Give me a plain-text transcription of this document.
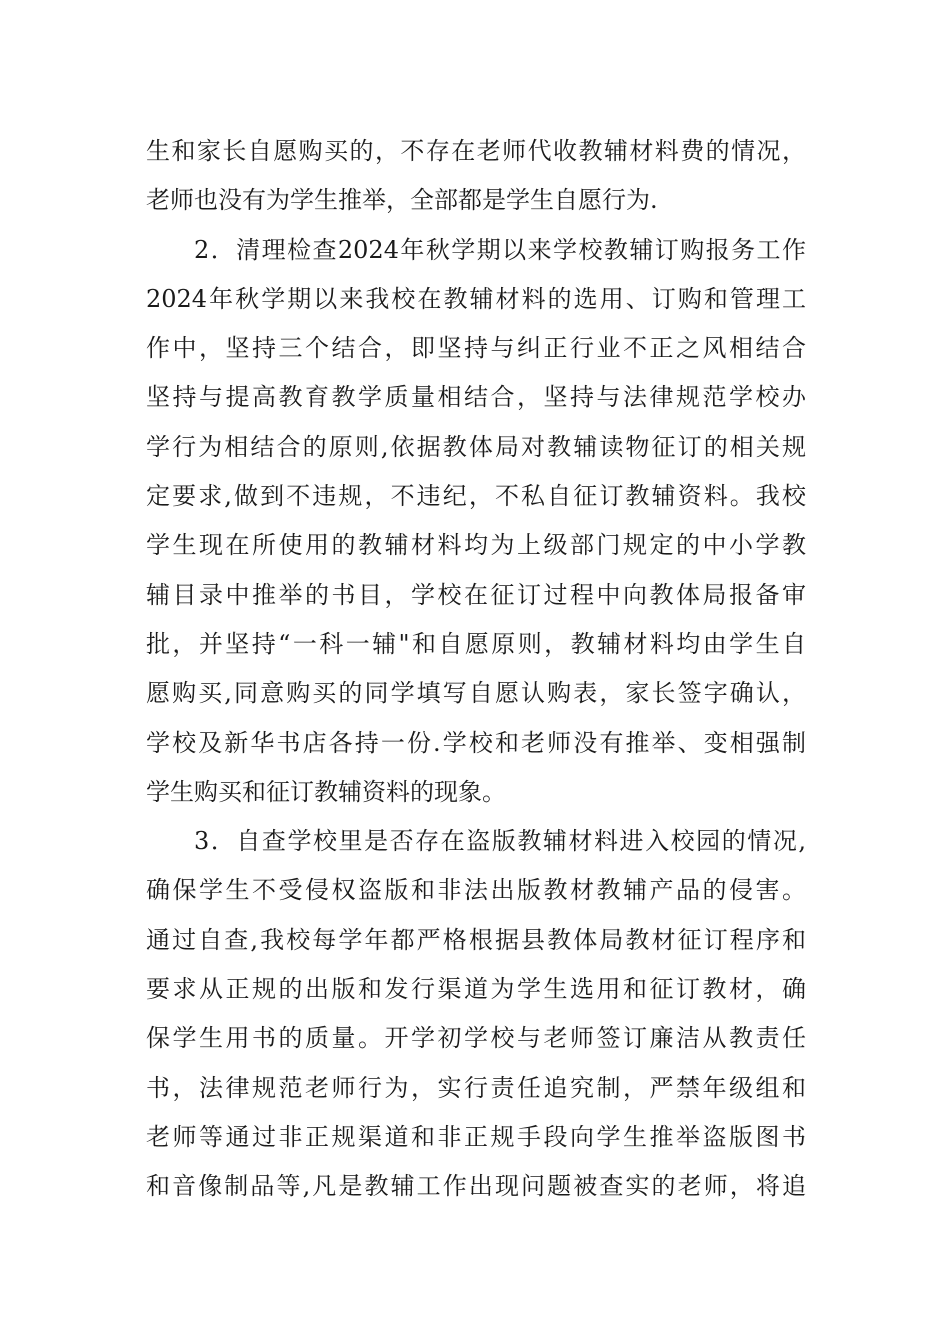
生和家长自愿购买的，不存在老师代收教辅材料费的情况，
老师也没有为学生推举，全部都是学生自愿行为.
2．清理检查2024年秋学期以来学校教辅订购报务工作
2024年秋学期以来我校在教辅材料的选用、订购和管理工
作中，坚持三个结合，即坚持与纠正行业不正之风相结合
坚持与提高教育教学质量相结合，坚持与法律规范学校办
学行为相结合的原则,依据教体局对教辅读物征订的相关规
定要求,做到不违规，不违纪，不私自征订教辅资料。我校
学生现在所使用的教辅材料均为上级部门规定的中小学教
辅目录中推举的书目，学校在征订过程中向教体局报备审
批，并坚持“一科一辅"和自愿原则，教辅材料均由学生自
愿购买,同意购买的同学填写自愿认购表，家长签字确认，
学校及新华书店各持一份.学校和老师没有推举、变相强制
学生购买和征订教辅资料的现象。
3．自查学校里是否存在盗版教辅材料进入校园的情况,
确保学生不受侵权盗版和非法出版教材教辅产品的侵害。
通过自查,我校每学年都严格根据县教体局教材征订程序和
要求从正规的出版和发行渠道为学生选用和征订教材，确
保学生用书的质量。开学初学校与老师签订廉洁从教责任
书，法律规范老师行为，实行责任追究制，严禁年级组和
老师等通过非正规渠道和非正规手段向学生推举盗版图书
和音像制品等,凡是教辅工作出现问题被查实的老师，将追
